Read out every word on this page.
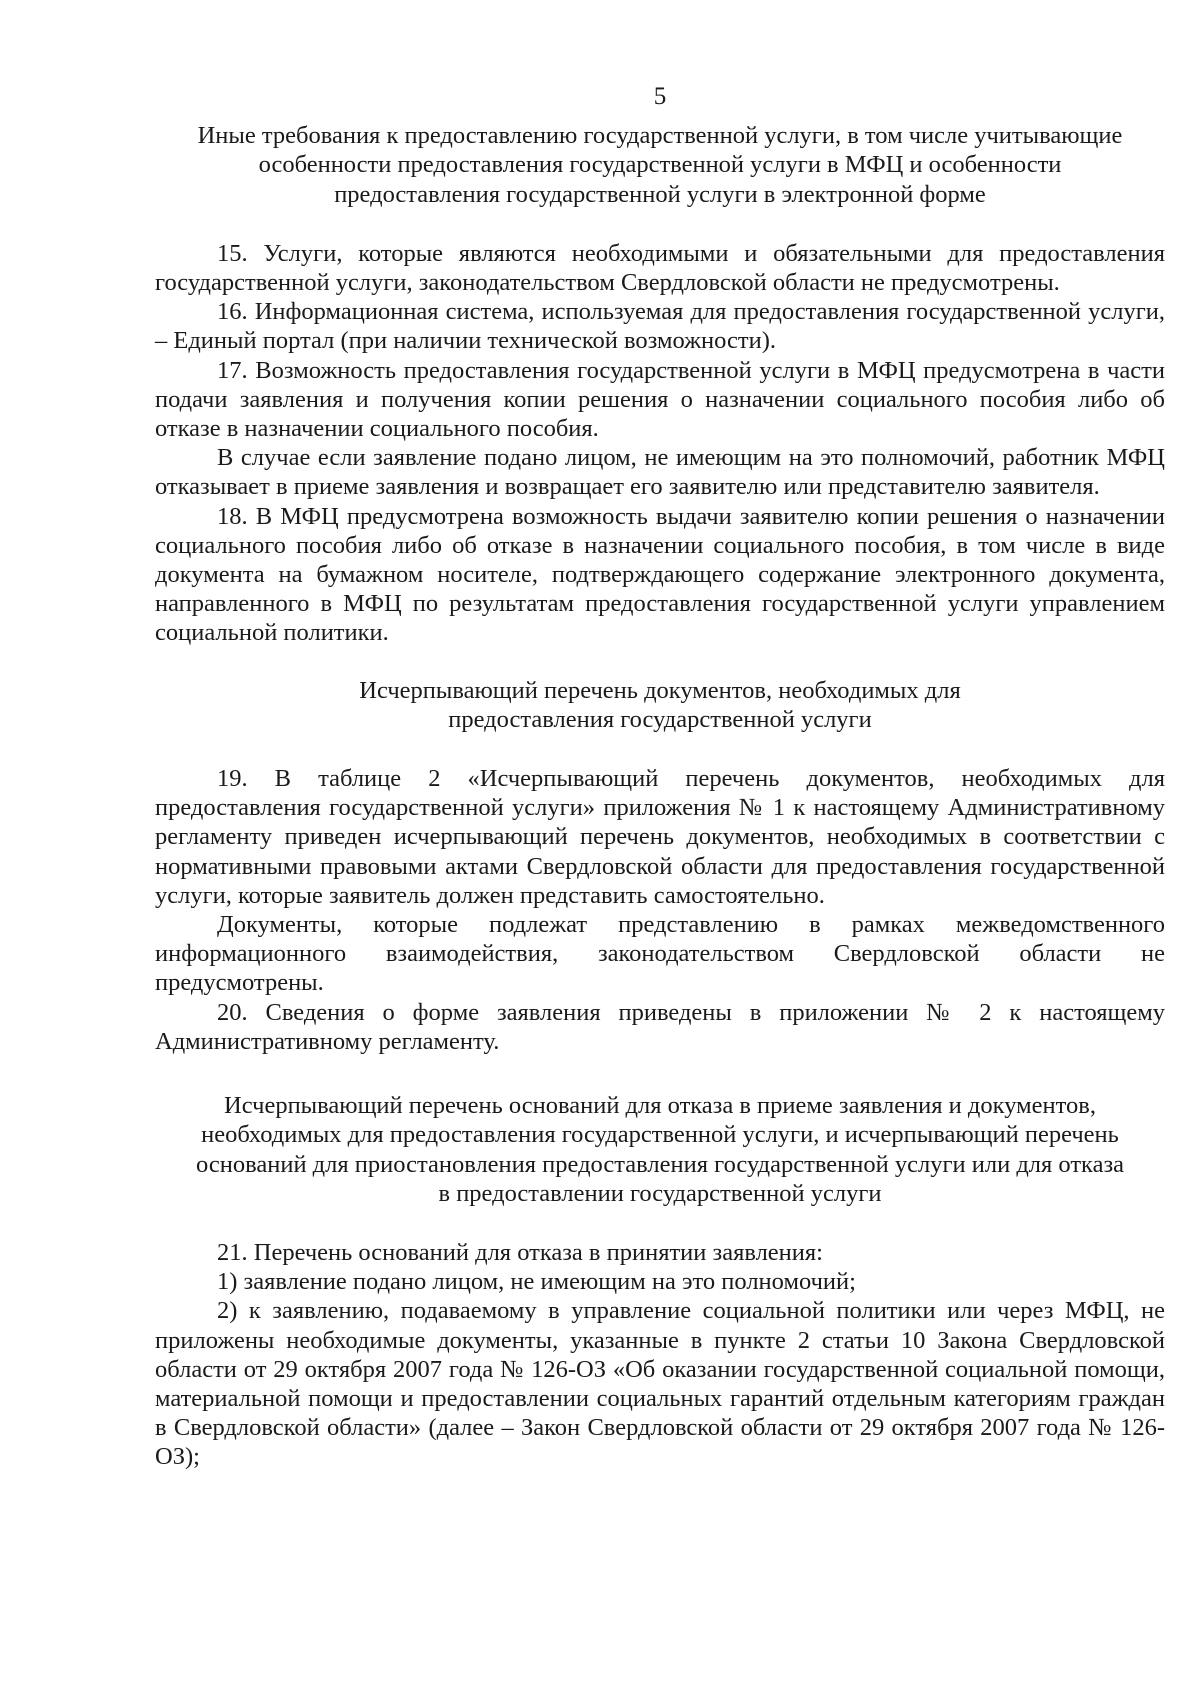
5
Иные требования к предоставлению государственной услуги, в том числе учитывающие
особенности предоставления государственной услуги в МФЦ и особенности
предоставления государственной услуги в электронной форме

15. Услуги, которые являются необходимыми и обязательными для предоставления государственной услуги, законодательством Свердловской области не предусмотрены.

16. Информационная система, используемая для предоставления государственной услуги, – Единый портал (при наличии технической возможности).

17. Возможность предоставления государственной услуги в МФЦ предусмотрена в части подачи заявления и получения копии решения о назначении социального пособия либо об отказе в назначении социального пособия.

В случае если заявление подано лицом, не имеющим на это полномочий, работник МФЦ отказывает в приеме заявления и возвращает его заявителю или представителю заявителя.

18. В МФЦ предусмотрена возможность выдачи заявителю копии решения о назначении социального пособия либо об отказе в назначении социального пособия, в том числе в виде документа на бумажном носителе, подтверждающего содержание электронного документа, направленного в МФЦ по результатам предоставления государственной услуги управлением социальной политики.

Исчерпывающий перечень документов, необходимых для
предоставления государственной услуги

19. В таблице 2 «Исчерпывающий перечень документов, необходимых для предоставления государственной услуги» приложения № 1 к настоящему Административному регламенту приведен исчерпывающий перечень документов, необходимых в соответствии с нормативными правовыми актами Свердловской области для предоставления государственной услуги, которые заявитель должен представить самостоятельно.

Документы, которые подлежат представлению в рамках межведомственного информационного взаимодействия, законодательством Свердловской области не предусмотрены.

20. Сведения о форме заявления приведены в приложении № 2 к настоящему Административному регламенту.

Исчерпывающий перечень оснований для отказа в приеме заявления и документов,
необходимых для предоставления государственной услуги, и исчерпывающий перечень
оснований для приостановления предоставления государственной услуги или для отказа
в предоставлении государственной услуги

21. Перечень оснований для отказа в принятии заявления:

1) заявление подано лицом, не имеющим на это полномочий;

2) к заявлению, подаваемому в управление социальной политики или через МФЦ, не приложены необходимые документы, указанные в пункте 2 статьи 10 Закона Свердловской области от 29 октября 2007 года № 126-ОЗ «Об оказании государственной социальной помощи, материальной помощи и предоставлении социальных гарантий отдельным категориям граждан в Свердловской области» (далее – Закон Свердловской области от 29 октября 2007 года № 126-ОЗ);
